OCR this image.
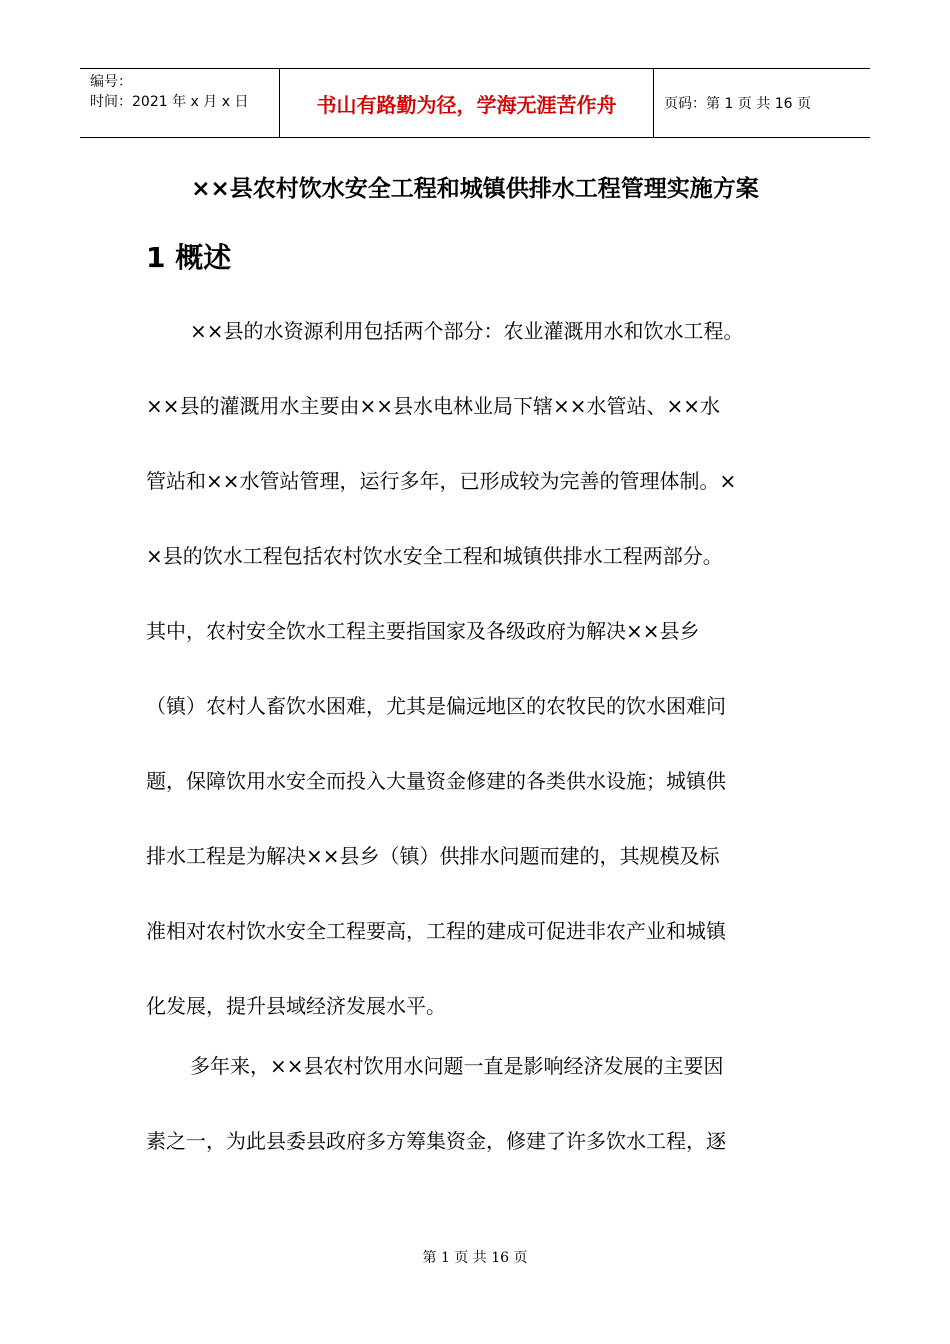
编号：
时间：2021 年 x 月 x 日	书山有路勤为径，学海无涯苦作舟	页码：第 1 页 共 16 页
××县农村饮水安全工程和城镇供排水工程管理实施方案
1 概述
××县的水资源利用包括两个部分：农业灌溉用水和饮水工程。
××县的灌溉用水主要由××县水电林业局下辖××水管站、××水
管站和××水管站管理，运行多年，已形成较为完善的管理体制。×
×县的饮水工程包括农村饮水安全工程和城镇供排水工程两部分。
其中，农村安全饮水工程主要指国家及各级政府为解决××县乡
（镇）农村人畜饮水困难，尤其是偏远地区的农牧民的饮水困难问
题，保障饮用水安全而投入大量资金修建的各类供水设施；城镇供
排水工程是为解决××县乡（镇）供排水问题而建的，其规模及标
准相对农村饮水安全工程要高，工程的建成可促进非农产业和城镇
化发展，提升县域经济发展水平。
多年来，××县农村饮用水问题一直是影响经济发展的主要因
素之一，为此县委县政府多方筹集资金，修建了许多饮水工程，逐
第 1 页 共 16 页
